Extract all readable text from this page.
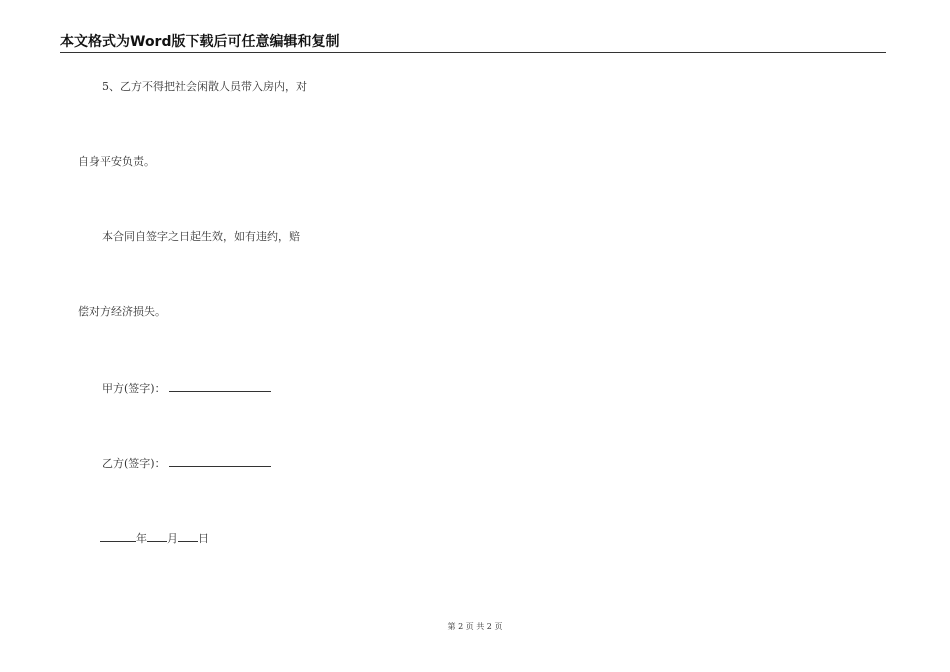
本文格式为Word版下载后可任意编辑和复制
5、乙方不得把社会闲散人员带入房内，对
自身平安负责。
本合同自签字之日起生效，如有违约，赔
偿对方经济损失。
甲方(签字)：
乙方(签字)：
年 月 日
第 2 页 共 2 页
